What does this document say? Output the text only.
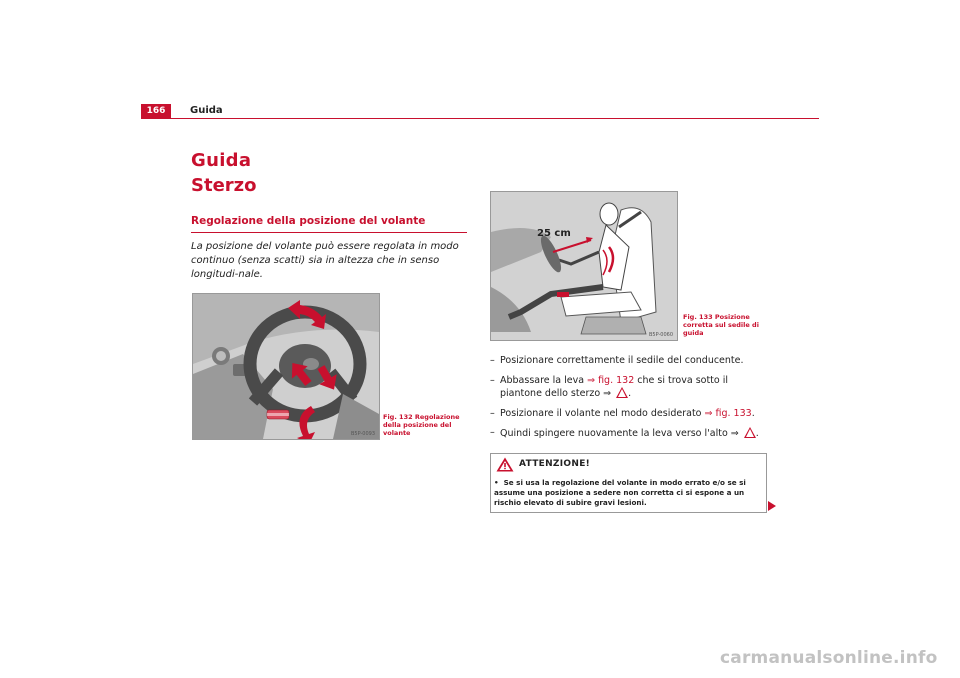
166	Guida
Guida
Sterzo
Regolazione della posizione del volante
La posizione del volante può essere regolata in modo continuo (senza scatti) sia in altezza che in senso longitudi-nale.
B5P-0093
Fig. 132 Regolazione della posizione del volante
25 cm
B5P-0060
Fig. 133 Posizione corretta sul sedile di guida
– Posizionare correttamente il sedile del conducente.
– Abbassare la leva ⇒ fig. 132 che si trova sotto il piantone dello sterzo ⇒ .
– Posizionare il volante nel modo desiderato ⇒ fig. 133.
– Quindi spingere nuovamente la leva verso l'alto ⇒ .
ATTENZIONE!
• Se si usa la regolazione del volante in modo errato e/o se si assume una posizione a sedere non corretta ci si espone a un rischio elevato di subire gravi lesioni.
carmanualsonline.info
